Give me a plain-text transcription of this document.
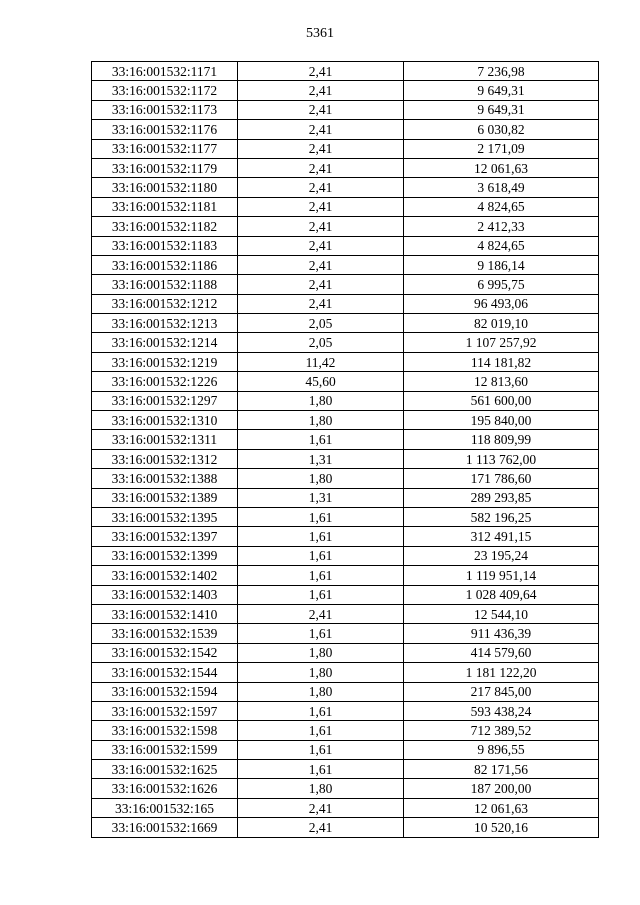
5361
33:16:001532:1171	2,41	7 236,98
33:16:001532:1172	2,41	9 649,31
33:16:001532:1173	2,41	9 649,31
33:16:001532:1176	2,41	6 030,82
33:16:001532:1177	2,41	2 171,09
33:16:001532:1179	2,41	12 061,63
33:16:001532:1180	2,41	3 618,49
33:16:001532:1181	2,41	4 824,65
33:16:001532:1182	2,41	2 412,33
33:16:001532:1183	2,41	4 824,65
33:16:001532:1186	2,41	9 186,14
33:16:001532:1188	2,41	6 995,75
33:16:001532:1212	2,41	96 493,06
33:16:001532:1213	2,05	82 019,10
33:16:001532:1214	2,05	1 107 257,92
33:16:001532:1219	11,42	114 181,82
33:16:001532:1226	45,60	12 813,60
33:16:001532:1297	1,80	561 600,00
33:16:001532:1310	1,80	195 840,00
33:16:001532:1311	1,61	118 809,99
33:16:001532:1312	1,31	1 113 762,00
33:16:001532:1388	1,80	171 786,60
33:16:001532:1389	1,31	289 293,85
33:16:001532:1395	1,61	582 196,25
33:16:001532:1397	1,61	312 491,15
33:16:001532:1399	1,61	23 195,24
33:16:001532:1402	1,61	1 119 951,14
33:16:001532:1403	1,61	1 028 409,64
33:16:001532:1410	2,41	12 544,10
33:16:001532:1539	1,61	911 436,39
33:16:001532:1542	1,80	414 579,60
33:16:001532:1544	1,80	1 181 122,20
33:16:001532:1594	1,80	217 845,00
33:16:001532:1597	1,61	593 438,24
33:16:001532:1598	1,61	712 389,52
33:16:001532:1599	1,61	9 896,55
33:16:001532:1625	1,61	82 171,56
33:16:001532:1626	1,80	187 200,00
33:16:001532:165	2,41	12 061,63
33:16:001532:1669	2,41	10 520,16
